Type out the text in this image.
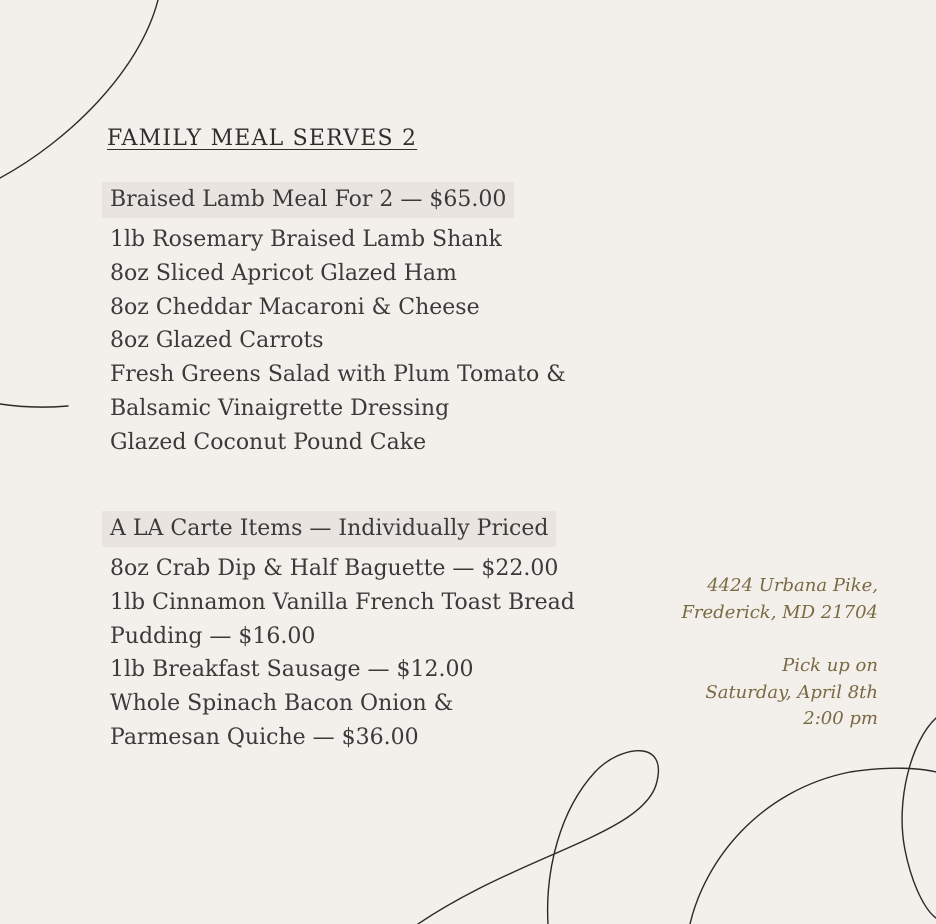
FAMILY MEAL SERVES 2
Braised Lamb Meal For 2 — $65.00
1lb Rosemary Braised Lamb Shank
8oz Sliced Apricot Glazed Ham
8oz Cheddar Macaroni & Cheese
8oz Glazed Carrots
Fresh Greens Salad with Plum Tomato &
Balsamic Vinaigrette Dressing
Glazed Coconut Pound Cake
A LA Carte Items — Individually Priced
8oz Crab Dip & Half Baguette — $22.00
1lb Cinnamon Vanilla French Toast Bread
Pudding — $16.00
1lb Breakfast Sausage — $12.00
Whole Spinach Bacon Onion &
Parmesan Quiche — $36.00
4424 Urbana Pike,
Frederick, MD 21704
Pick up on
Saturday, April 8th
2:00 pm
